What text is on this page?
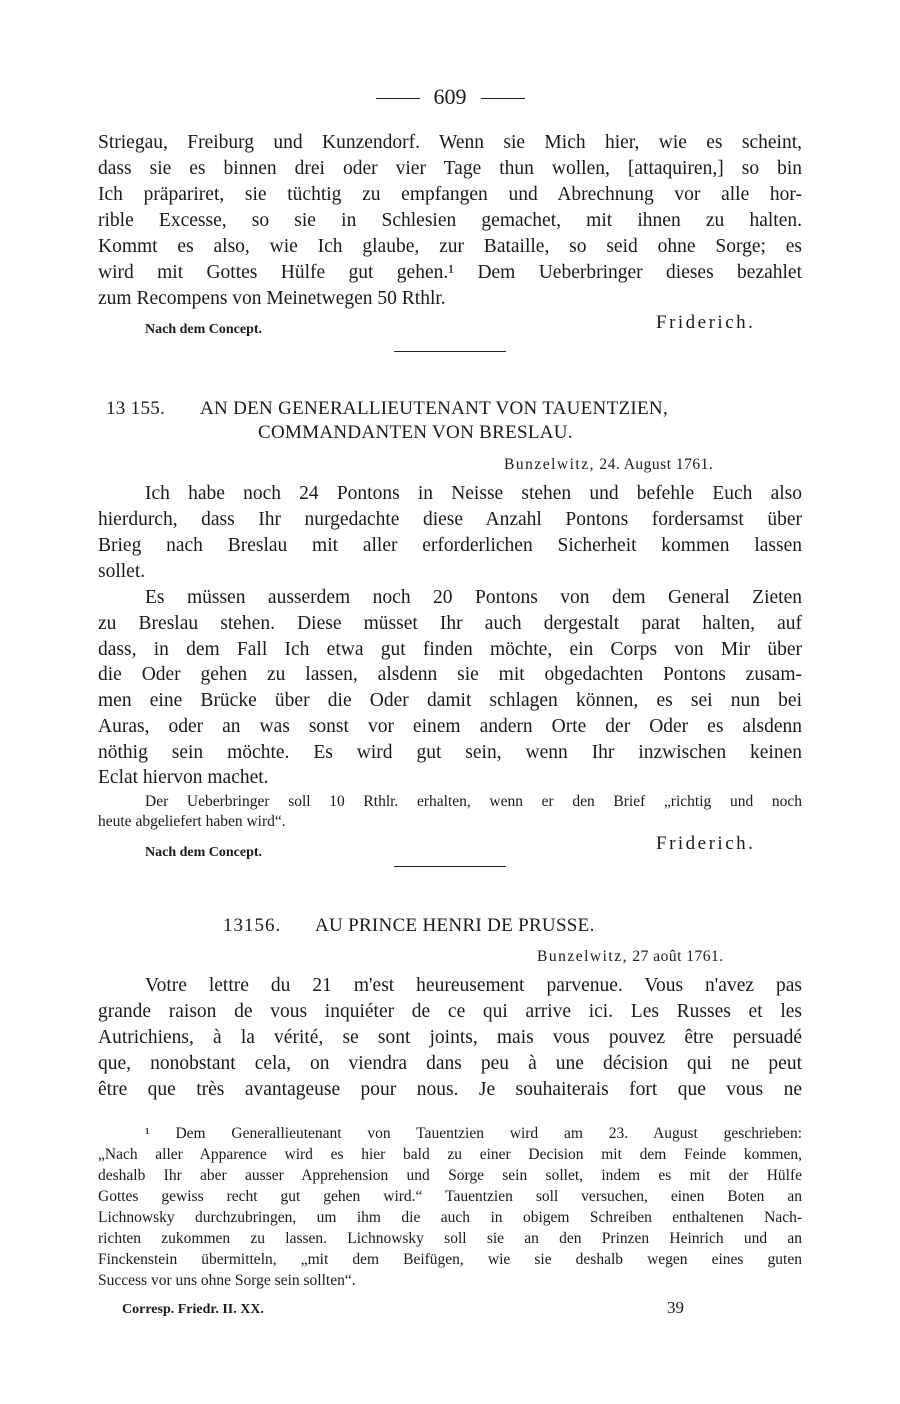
609
Striegau, Freiburg und Kunzendorf. Wenn sie Mich hier, wie es scheint,
dass sie es binnen drei oder vier Tage thun wollen, [attaquiren,] so bin
Ich präpariret, sie tüchtig zu empfangen und Abrechnung vor alle hor-
rible Excesse, so sie in Schlesien gemachet, mit ihnen zu halten.
Kommt es also, wie Ich glaube, zur Bataille, so seid ohne Sorge; es
wird mit Gottes Hülfe gut gehen.¹ Dem Ueberbringer dieses bezahlet
zum Recompens von Meinetwegen 50 Rthlr.
Nach dem Concept.	Friderich.
13 155. AN DEN GENERALLIEUTENANT VON TAUENTZIEN,
COMMANDANTEN VON BRESLAU.
Bunzelwitz, 24. August 1761.
Ich habe noch 24 Pontons in Neisse stehen und befehle Euch also
hierdurch, dass Ihr nurgedachte diese Anzahl Pontons fordersamst über
Brieg nach Breslau mit aller erforderlichen Sicherheit kommen lassen
sollet.
Es müssen ausserdem noch 20 Pontons von dem General Zieten
zu Breslau stehen. Diese müsset Ihr auch dergestalt parat halten, auf
dass, in dem Fall Ich etwa gut finden möchte, ein Corps von Mir über
die Oder gehen zu lassen, alsdenn sie mit obgedachten Pontons zusam-
men eine Brücke über die Oder damit schlagen können, es sei nun bei
Auras, oder an was sonst vor einem andern Orte der Oder es alsdenn
nöthig sein möchte. Es wird gut sein, wenn Ihr inzwischen keinen
Eclat hiervon machet.
Der Ueberbringer soll 10 Rthlr. erhalten, wenn er den Brief „richtig und noch
heute abgeliefert haben wird“.
Nach dem Concept.	Friderich.
13156. AU PRINCE HENRI DE PRUSSE.
Bunzelwitz, 27 août 1761.
Votre lettre du 21 m'est heureusement parvenue. Vous n'avez pas
grande raison de vous inquiéter de ce qui arrive ici. Les Russes et les
Autrichiens, à la vérité, se sont joints, mais vous pouvez être persuadé
que, nonobstant cela, on viendra dans peu à une décision qui ne peut
être que très avantageuse pour nous. Je souhaiterais fort que vous ne
¹ Dem Generallieutenant von Tauentzien wird am 23. August geschrieben:
„Nach aller Apparence wird es hier bald zu einer Decision mit dem Feinde kommen,
deshalb Ihr aber ausser Apprehension und Sorge sein sollet, indem es mit der Hülfe
Gottes gewiss recht gut gehen wird.“ Tauentzien soll versuchen, einen Boten an
Lichnowsky durchzubringen, um ihm die auch in obigem Schreiben enthaltenen Nach-
richten zukommen zu lassen. Lichnowsky soll sie an den Prinzen Heinrich und an
Finckenstein übermitteln, „mit dem Beifügen, wie sie deshalb wegen eines guten
Success vor uns ohne Sorge sein sollten“.
Corresp. Friedr. II. XX.	39
